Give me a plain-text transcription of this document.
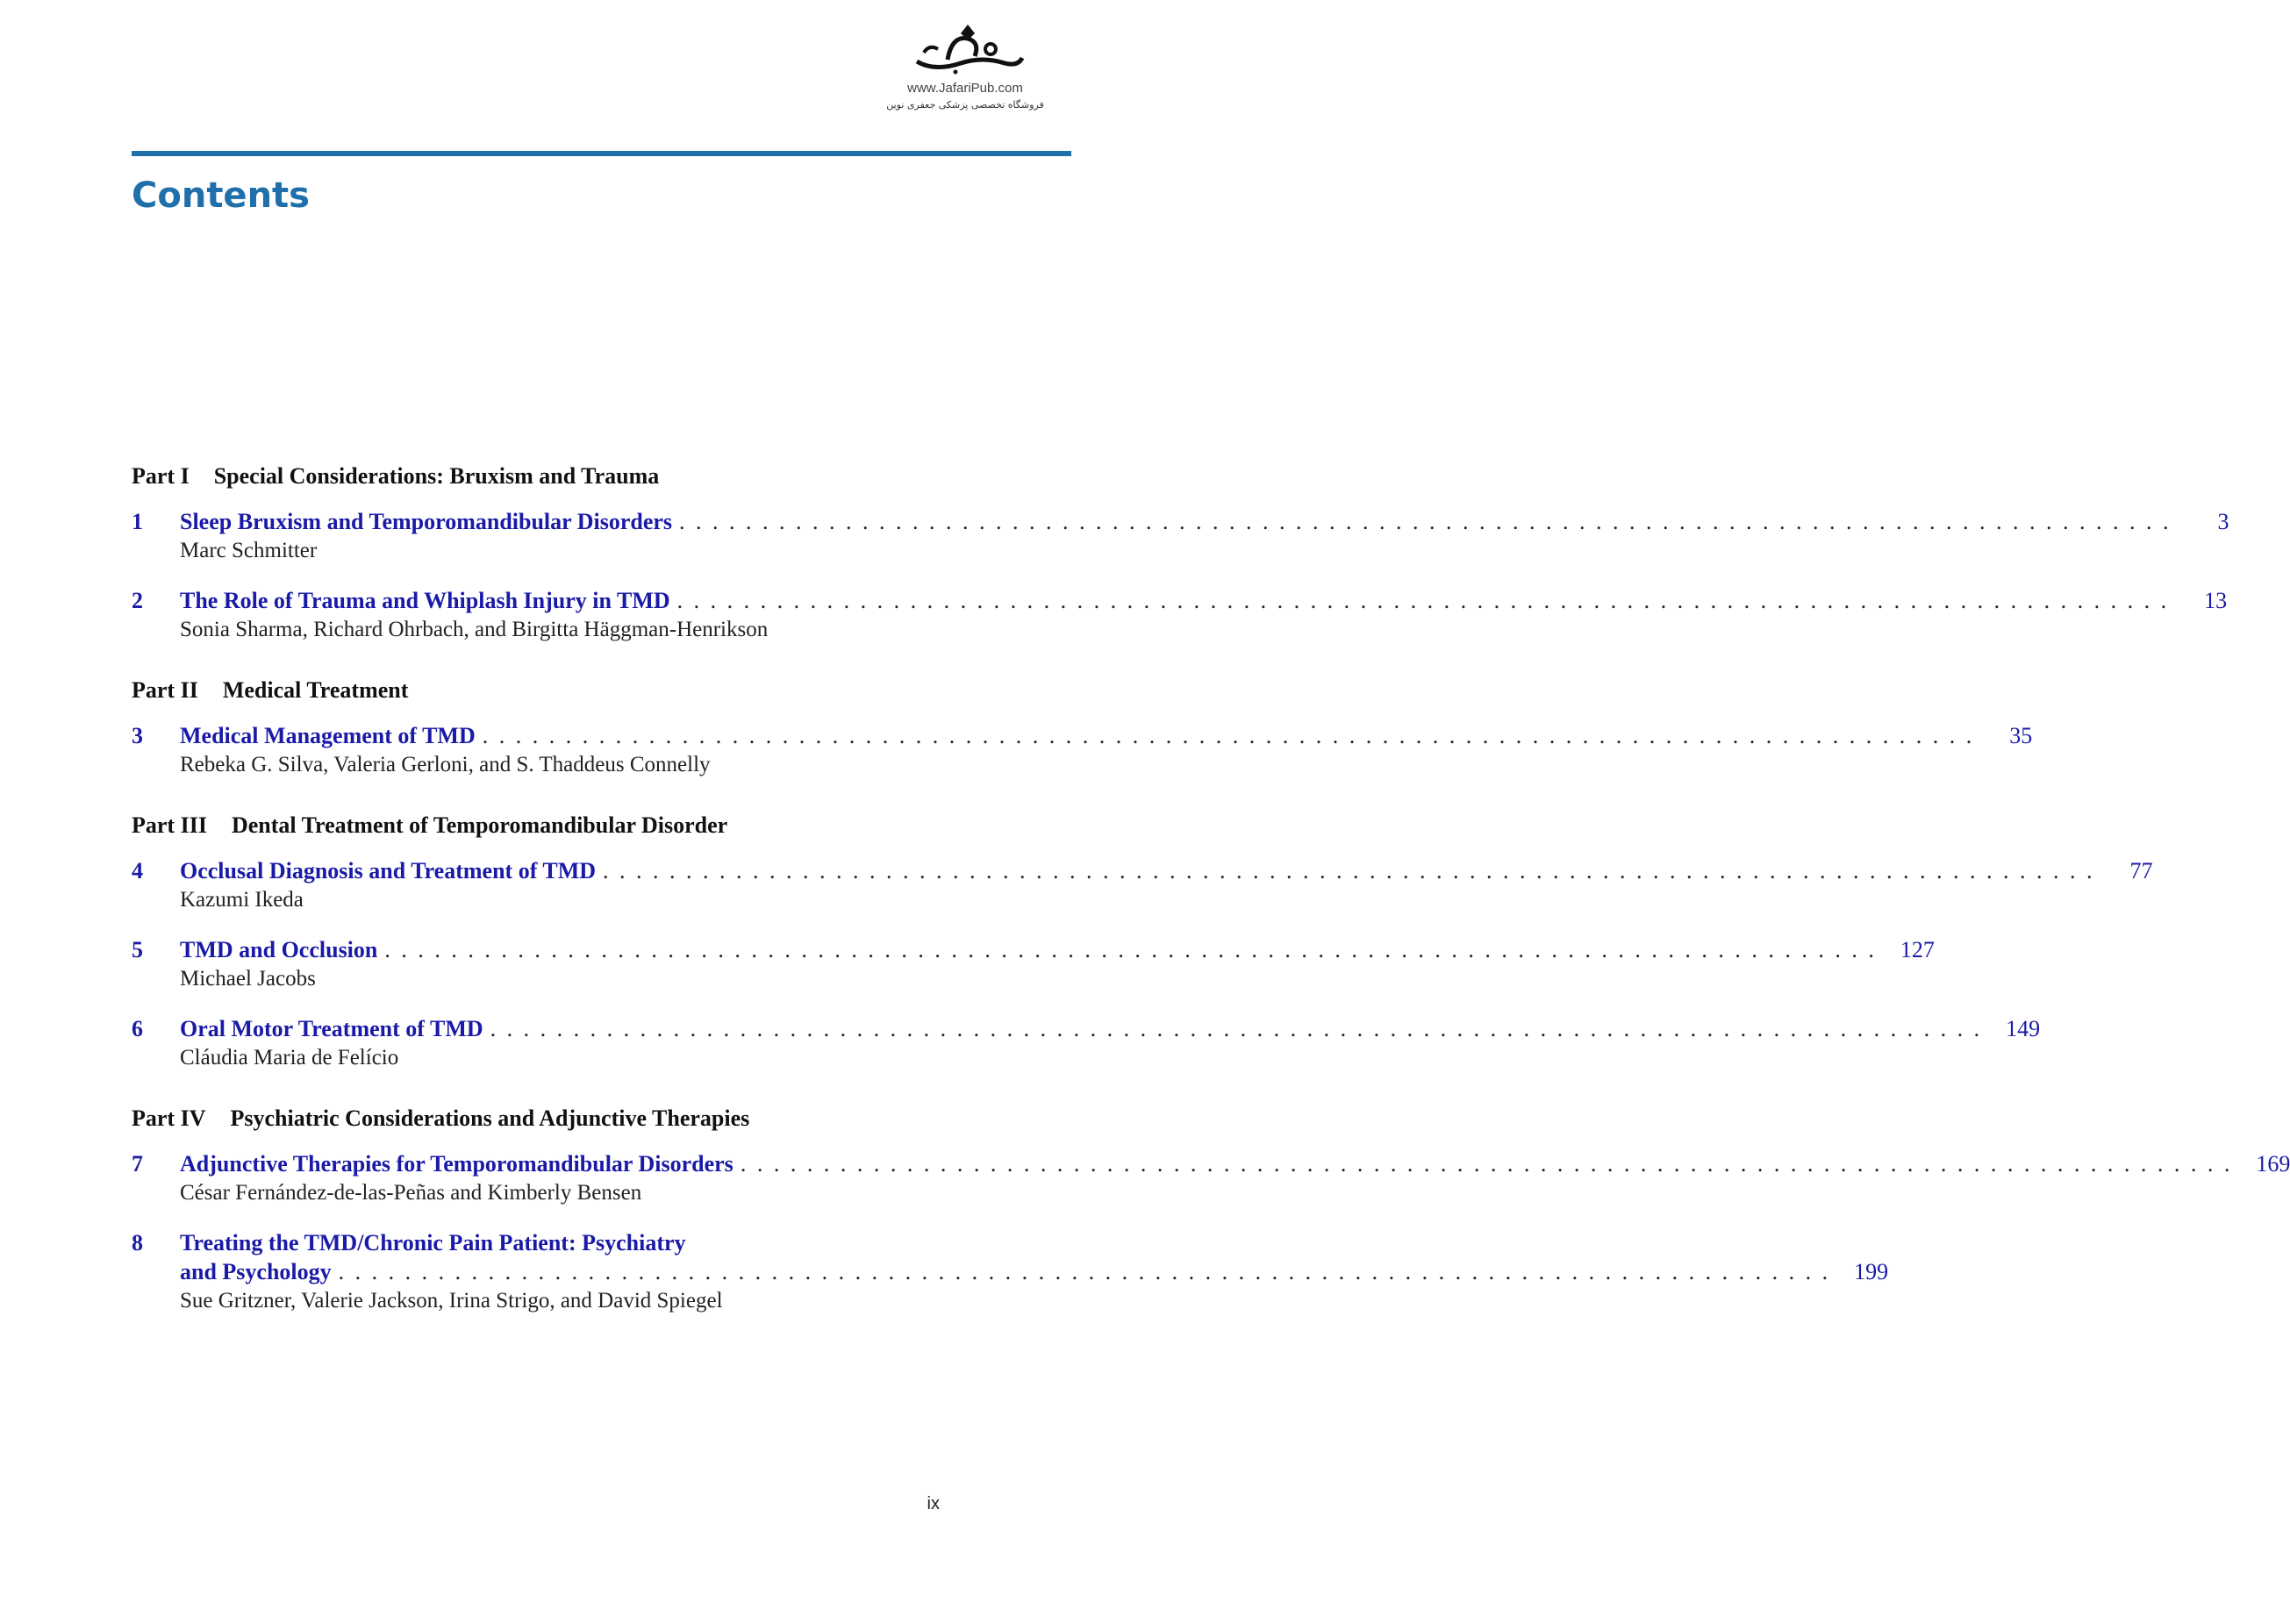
www.JafariPub.com
فروشگاه تخصصی پزشکی جعفری نوین
Contents
Part I Special Considerations: Bruxism and Trauma
1	Sleep Bruxism and Temporomandibular Disorders . . .	3
Marc Schmitter
2	The Role of Trauma and Whiplash Injury in TMD . . .	13
Sonia Sharma, Richard Ohrbach, and Birgitta Häggman-Henrikson
Part II Medical Treatment
3	Medical Management of TMD . . .	35
Rebeka G. Silva, Valeria Gerloni, and S. Thaddeus Connelly
Part III Dental Treatment of Temporomandibular Disorder
4	Occlusal Diagnosis and Treatment of TMD . . .	77
Kazumi Ikeda
5	TMD and Occlusion . . .	127
Michael Jacobs
6	Oral Motor Treatment of TMD . . .	149
Cláudia Maria de Felício
Part IV Psychiatric Considerations and Adjunctive Therapies
7	Adjunctive Therapies for Temporomandibular Disorders . . .	169
César Fernández-de-las-Peñas and Kimberly Bensen
8	Treating the TMD/Chronic Pain Patient: Psychiatry
and Psychology . . .	199
Sue Gritzner, Valerie Jackson, Irina Strigo, and David Spiegel
ix
